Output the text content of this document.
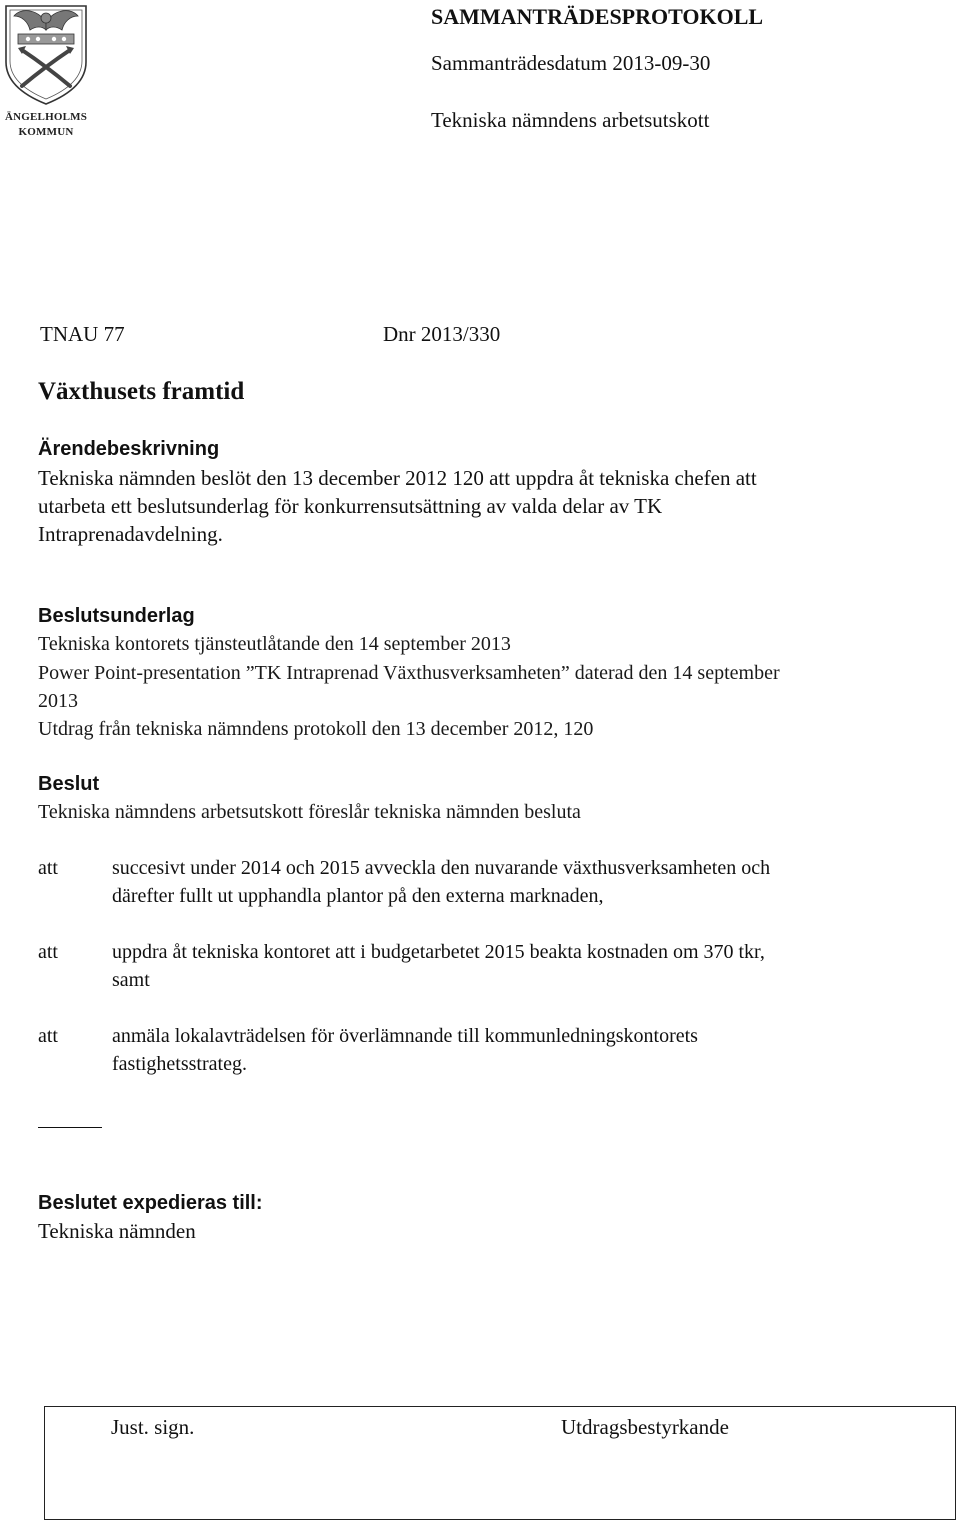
ÄNGELHOLMS
KOMMUN
SAMMANTRÄDESPROTOKOLL
Sammanträdesdatum 2013-09-30
Tekniska nämndens arbetsutskott
TNAU 77	Dnr 2013/330
Växthusets framtid
Ärendebeskrivning
Tekniska nämnden beslöt den 13 december 2012 120 att uppdra åt tekniska chefen att
utarbeta ett beslutsunderlag för konkurrensutsättning av valda delar av TK
Intraprenadavdelning.
Beslutsunderlag
Tekniska kontorets tjänsteutlåtande den 14 september 2013
Power Point-presentation ”TK Intraprenad Växthusverksamheten” daterad den 14 september
2013
Utdrag från tekniska nämndens protokoll den 13 december 2012, 120
Beslut
Tekniska nämndens arbetsutskott föreslår tekniska nämnden besluta
att	succesivt under 2014 och 2015 avveckla den nuvarande växthusverksamheten och
därefter fullt ut upphandla plantor på den externa marknaden,
att	uppdra åt tekniska kontoret att i budgetarbetet 2015 beakta kostnaden om 370 tkr,
samt
att	anmäla lokalavträdelsen för överlämnande till kommunledningskontorets
fastighetsstrateg.
Beslutet expedieras till:
Tekniska nämnden
Just. sign.	Utdragsbestyrkande
